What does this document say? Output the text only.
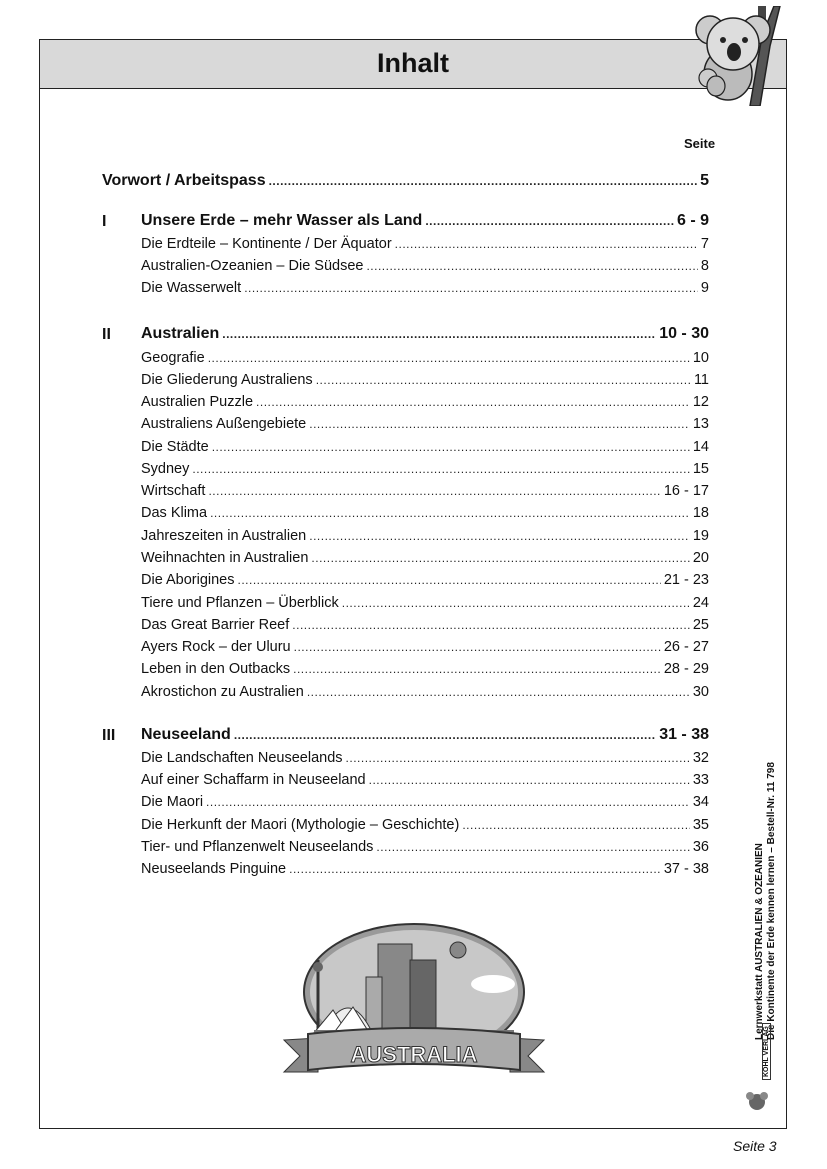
Inhalt
Seite
Vorwort / Arbeitspass .....	5
I Unsere Erde – mehr Wasser als Land .....	6 - 9
Die Erdteile – Kontinente / Der Äquator .....	7
Australien-Ozeanien – Die Südsee .....	8
Die Wasserwelt .....	9
II Australien .....	10 - 30
Geografie .....	10
Die Gliederung Australiens .....	11
Australien Puzzle .....	12
Australiens Außengebiete .....	13
Die Städte .....	14
Sydney .....	15
Wirtschaft .....	16 - 17
Das Klima .....	18
Jahreszeiten in Australien .....	19
Weihnachten in Australien .....	20
Die Aborigines .....	21 - 23
Tiere und Pflanzen – Überblick .....	24
Das Great Barrier Reef .....	25
Ayers Rock – der Uluru .....	26 - 27
Leben in den Outbacks .....	28 - 29
Akrostichon zu Australien .....	30
III Neuseeland .....	31 - 38
Die Landschaften Neuseelands .....	32
Auf einer Schaffarm in Neuseeland .....	33
Die Maori .....	34
Die Herkunft der Maori (Mythologie – Geschichte) .....	35
Tier- und Pflanzenwelt Neuseelands .....	36
Neuseelands Pinguine .....	37 - 38
AUSTRALIA
Lernwerkstatt AUSTRALIEN & OZEANIEN Die Kontinente der Erde kennen lernen – Bestell-Nr. 11 798
KOHL VERLAG
Seite 3
